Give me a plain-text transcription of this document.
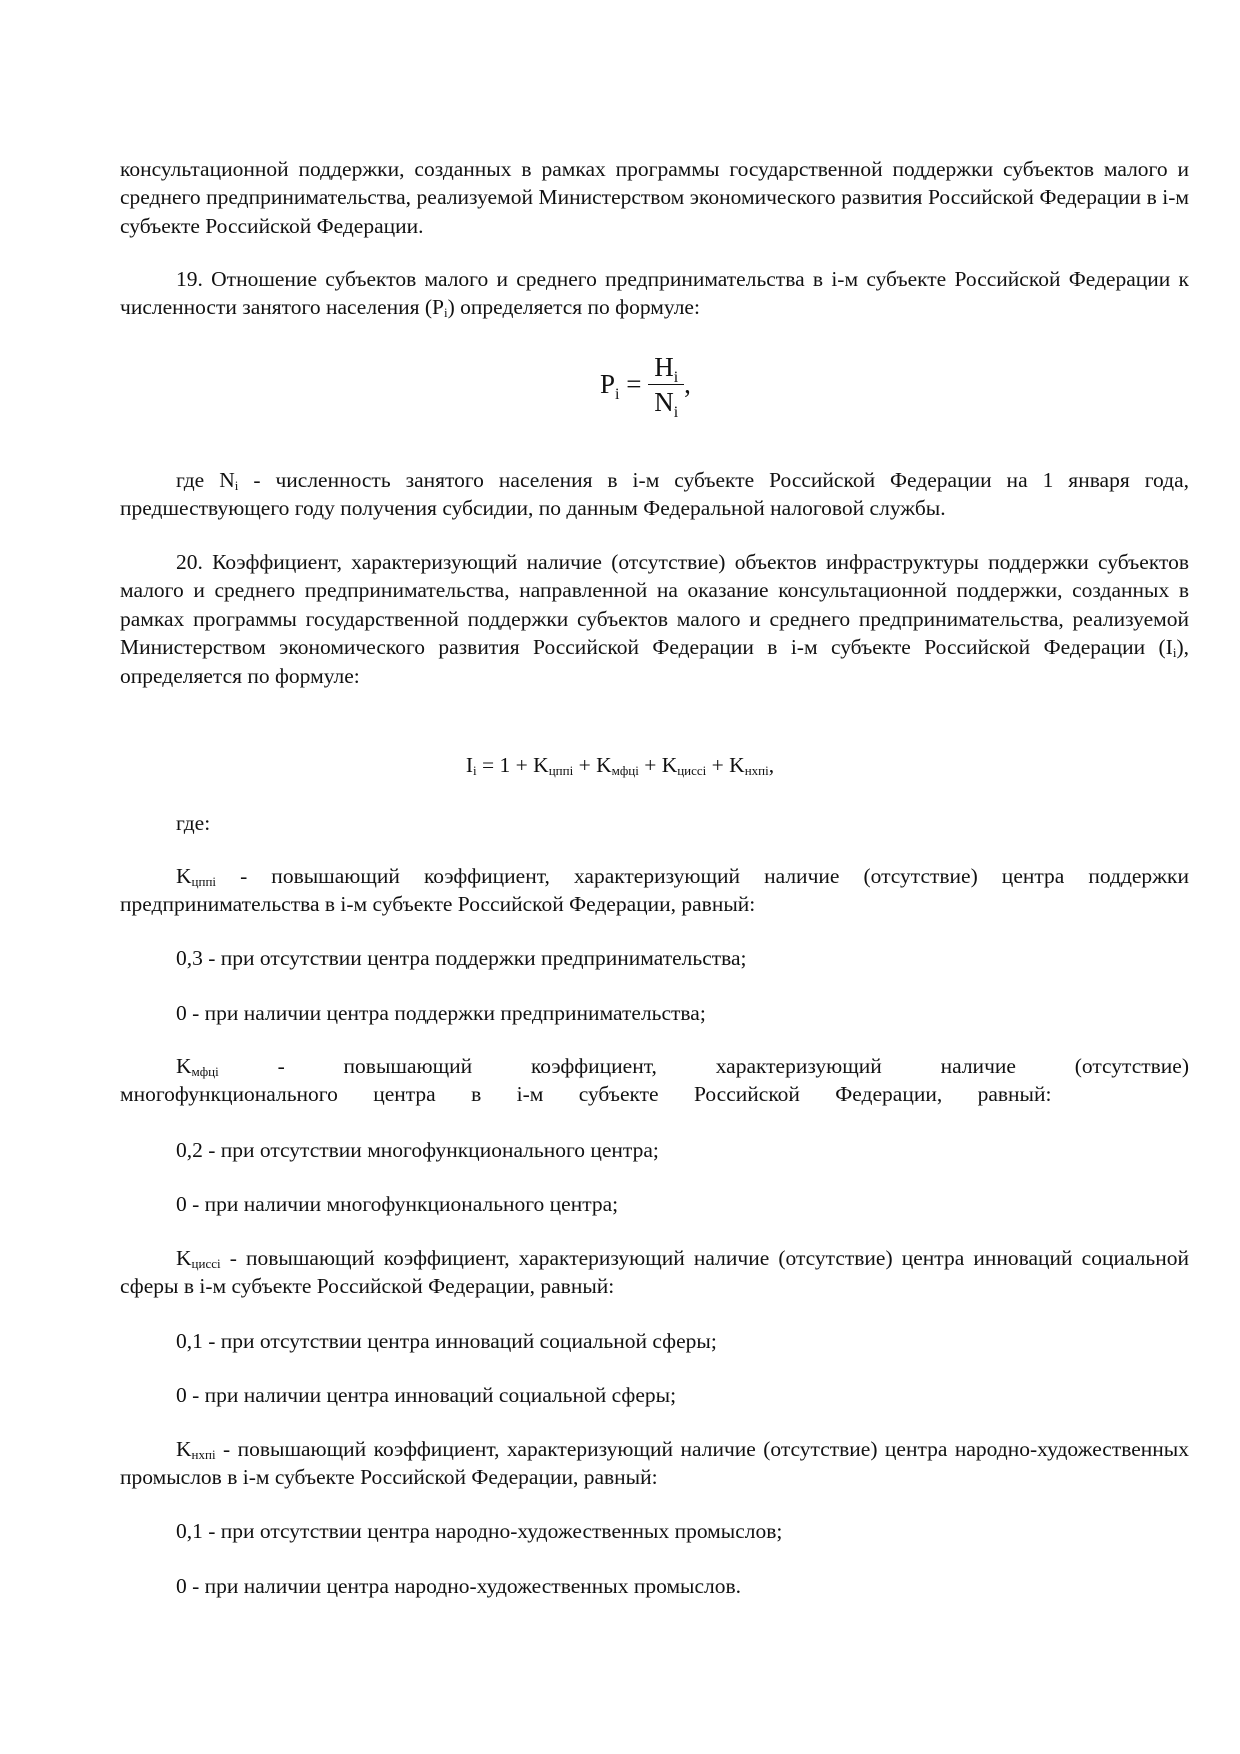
консультационной поддержки, созданных в рамках программы государственной поддержки субъектов малого и среднего предпринимательства, реализуемой Министерством экономического развития Российской Федерации в i-м субъекте Российской Федерации.

19. Отношение субъектов малого и среднего предпринимательства в i-м субъекте Российской Федерации к численности занятого населения $(P_i)$ определяется по формуле:

$P_i = \frac{H_i}{N_i}$ ,

где $N_i$ - численность занятого населения в i-м субъекте Российской Федерации на 1 января года, предшествующего году получения субсидии, по данным Федеральной налоговой службы.

20. Коэффициент, характеризующий наличие (отсутствие) объектов инфраструктуры поддержки субъектов малого и среднего предпринимательства, направленной на оказание консультационной поддержки, созданных в рамках программы государственной поддержки субъектов малого и среднего предпринимательства, реализуемой Министерством экономического развития Российской Федерации в i-м субъекте Российской Федерации $(I_i)$, определяется по формуле:

$I_i = 1 + K_{цппi} + K_{мфцi} + K_{циссi} + K_{нхпi}$,

где:

$K_{цппi}$ - повышающий коэффициент, характеризующий наличие (отсутствие) центра поддержки предпринимательства в i-м субъекте Российской Федерации, равный:

0,3 - при отсутствии центра поддержки предпринимательства;

0 - при наличии центра поддержки предпринимательства;

$K_{мфцi}$ - повышающий коэффициент, характеризующий наличие (отсутствие) многофункционального центра в i-м субъекте Российской Федерации, равный:

0,2 - при отсутствии многофункционального центра;

0 - при наличии многофункционального центра;

$K_{циссi}$ - повышающий коэффициент, характеризующий наличие (отсутствие) центра инноваций социальной сферы в i-м субъекте Российской Федерации, равный:

0,1 - при отсутствии центра инноваций социальной сферы;

0 - при наличии центра инноваций социальной сферы;

$K_{нхпi}$ - повышающий коэффициент, характеризующий наличие (отсутствие) центра народно-художественных промыслов в i-м субъекте Российской Федерации, равный:

0,1 - при отсутствии центра народно-художественных промыслов;

0 - при наличии центра народно-художественных промыслов.
